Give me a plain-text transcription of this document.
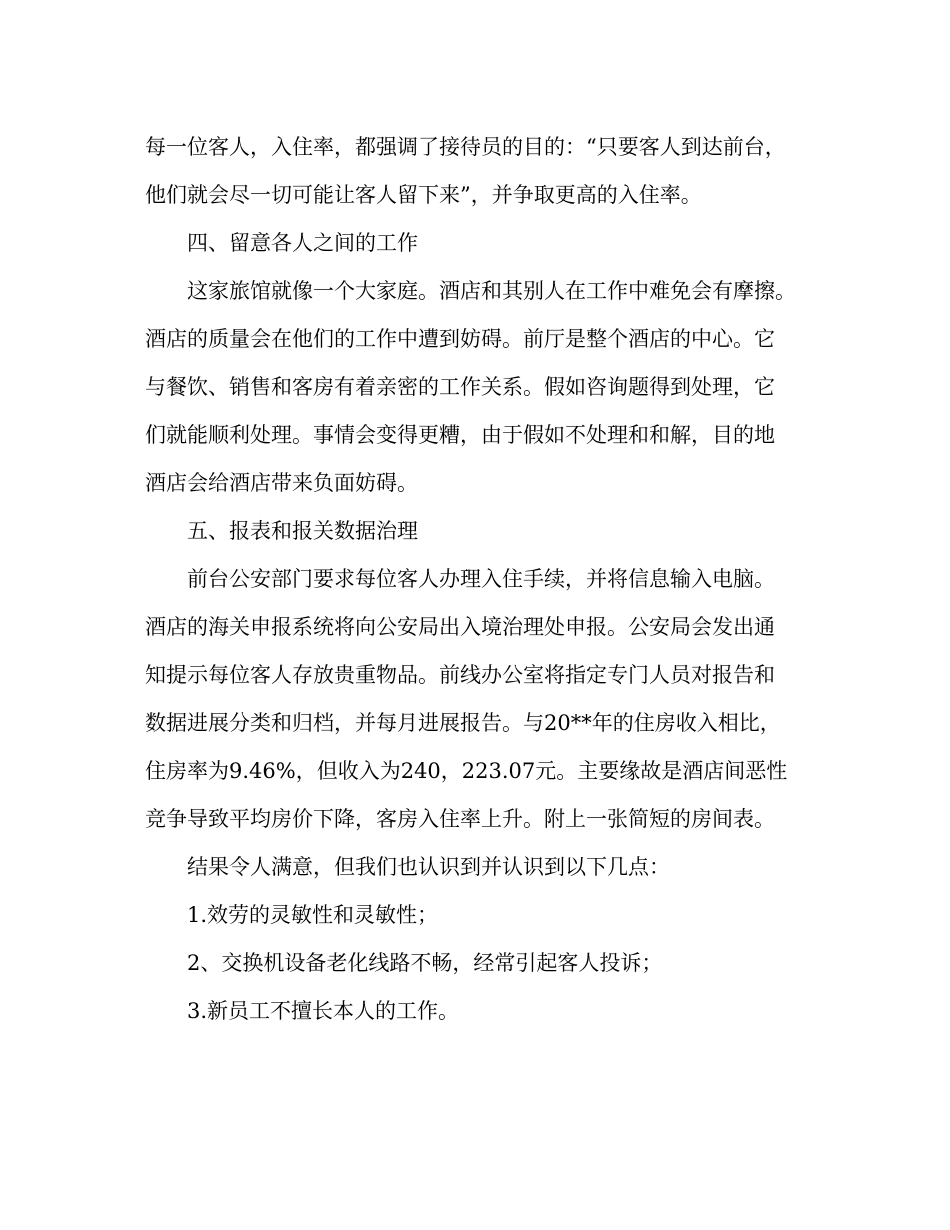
每一位客人，入住率，都强调了接待员的目的：“只要客人到达前台，
他们就会尽一切可能让客人留下来”，并争取更高的入住率。
四、留意各人之间的工作
这家旅馆就像一个大家庭。酒店和其别人在工作中难免会有摩擦。
酒店的质量会在他们的工作中遭到妨碍。前厅是整个酒店的中心。它
与餐饮、销售和客房有着亲密的工作关系。假如咨询题得到处理，它
们就能顺利处理。事情会变得更糟，由于假如不处理和和解，目的地
酒店会给酒店带来负面妨碍。
五、报表和报关数据治理
前台公安部门要求每位客人办理入住手续，并将信息输入电脑。
酒店的海关申报系统将向公安局出入境治理处申报。公安局会发出通
知提示每位客人存放贵重物品。前线办公室将指定专门人员对报告和
数据进展分类和归档，并每月进展报告。与20**年的住房收入相比，
住房率为9.46%，但收入为240，223.07元。主要缘故是酒店间恶性
竞争导致平均房价下降，客房入住率上升。附上一张简短的房间表。
结果令人满意，但我们也认识到并认识到以下几点：
1.效劳的灵敏性和灵敏性；
2、交换机设备老化线路不畅，经常引起客人投诉；
3.新员工不擅长本人的工作。
